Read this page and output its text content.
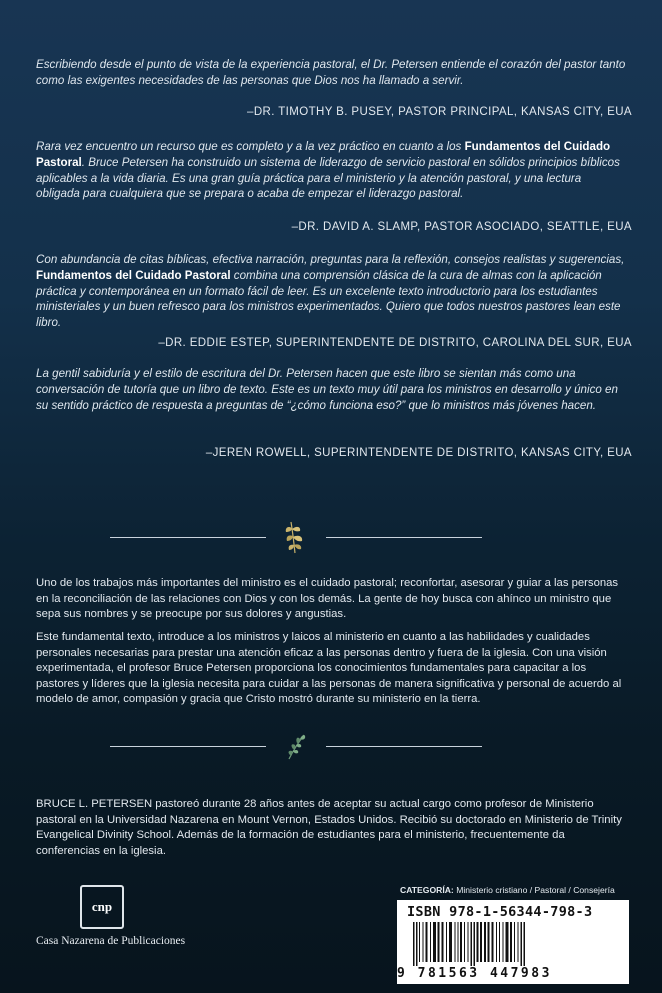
Escribiendo desde el punto de vista de la experiencia pastoral, el Dr. Petersen entiende el corazón del pastor tanto como las exigentes necesidades de las personas que Dios nos ha llamado a servir.
–DR. TIMOTHY B. PUSEY, PASTOR PRINCIPAL, KANSAS CITY, EUA
Rara vez encuentro un recurso que es completo y a la vez práctico en cuanto a los Fundamentos del Cuidado Pastoral. Bruce Petersen ha construido un sistema de liderazgo de servicio pastoral en sólidos principios bíblicos aplicables a la vida diaria. Es una gran guía práctica para el ministerio y la atención pastoral, y una lectura obligada para cualquiera que se prepara o acaba de empezar el liderazgo pastoral.
–DR. DAVID A. SLAMP, PASTOR ASOCIADO, SEATTLE, EUA
Con abundancia de citas bíblicas, efectiva narración, preguntas para la reflexión, consejos realistas y sugerencias, Fundamentos del Cuidado Pastoral combina una comprensión clásica de la cura de almas con la aplicación práctica y contemporánea en un formato fácil de leer. Es un excelente texto introductorio para los estudiantes ministeriales y un buen refresco para los ministros experimentados. Quiero que todos nuestros pastores lean este libro.
–DR. EDDIE ESTEP, SUPERINTENDENTE DE DISTRITO, CAROLINA DEL SUR, EUA
La gentil sabiduría y el estilo de escritura del Dr. Petersen hacen que este libro se sientan más como una conversación de tutoría que un libro de texto. Este es un texto muy útil para los ministros en desarrollo y único en su sentido práctico de respuesta a preguntas de “¿cómo funciona eso?” que lo ministros más jóvenes hacen.
–JEREN ROWELL, SUPERINTENDENTE DE DISTRITO, KANSAS CITY, EUA
Uno de los trabajos más importantes del ministro es el cuidado pastoral; reconfortar, asesorar y guiar a las personas en la reconciliación de las relaciones con Dios y con los demás. La gente de hoy busca con ahínco un ministro que sepa sus nombres y se preocupe por sus dolores y angustias.
Este fundamental texto, introduce a los ministros y laicos al ministerio en cuanto a las habilidades y cualidades personales necesarias para prestar una atención eficaz a las personas dentro y fuera de la iglesia. Con una visión experimentada, el profesor Bruce Petersen proporciona los conocimientos fundamentales para capacitar a los pastores y líderes que la iglesia necesita para cuidar a las personas de manera significativa y personal de acuerdo al modelo de amor, compasión y gracia que Cristo mostró durante su ministerio en la tierra.
BRUCE L. PETERSEN pastoreó durante 28 años antes de aceptar su actual cargo como profesor de Ministerio pastoral en la Universidad Nazarena en Mount Vernon, Estados Unidos. Recibió su doctorado en Ministerio de Trinity Evangelical Divinity School. Además de la formación de estudiantes para el ministerio, frecuentemente da conferencias en la iglesia.
cnp
Casa Nazarena de Publicaciones
CATEGORÍA: Ministerio cristiano / Pastoral / Consejería
ISBN 978-1-56344-798-3
9 781563 447983
